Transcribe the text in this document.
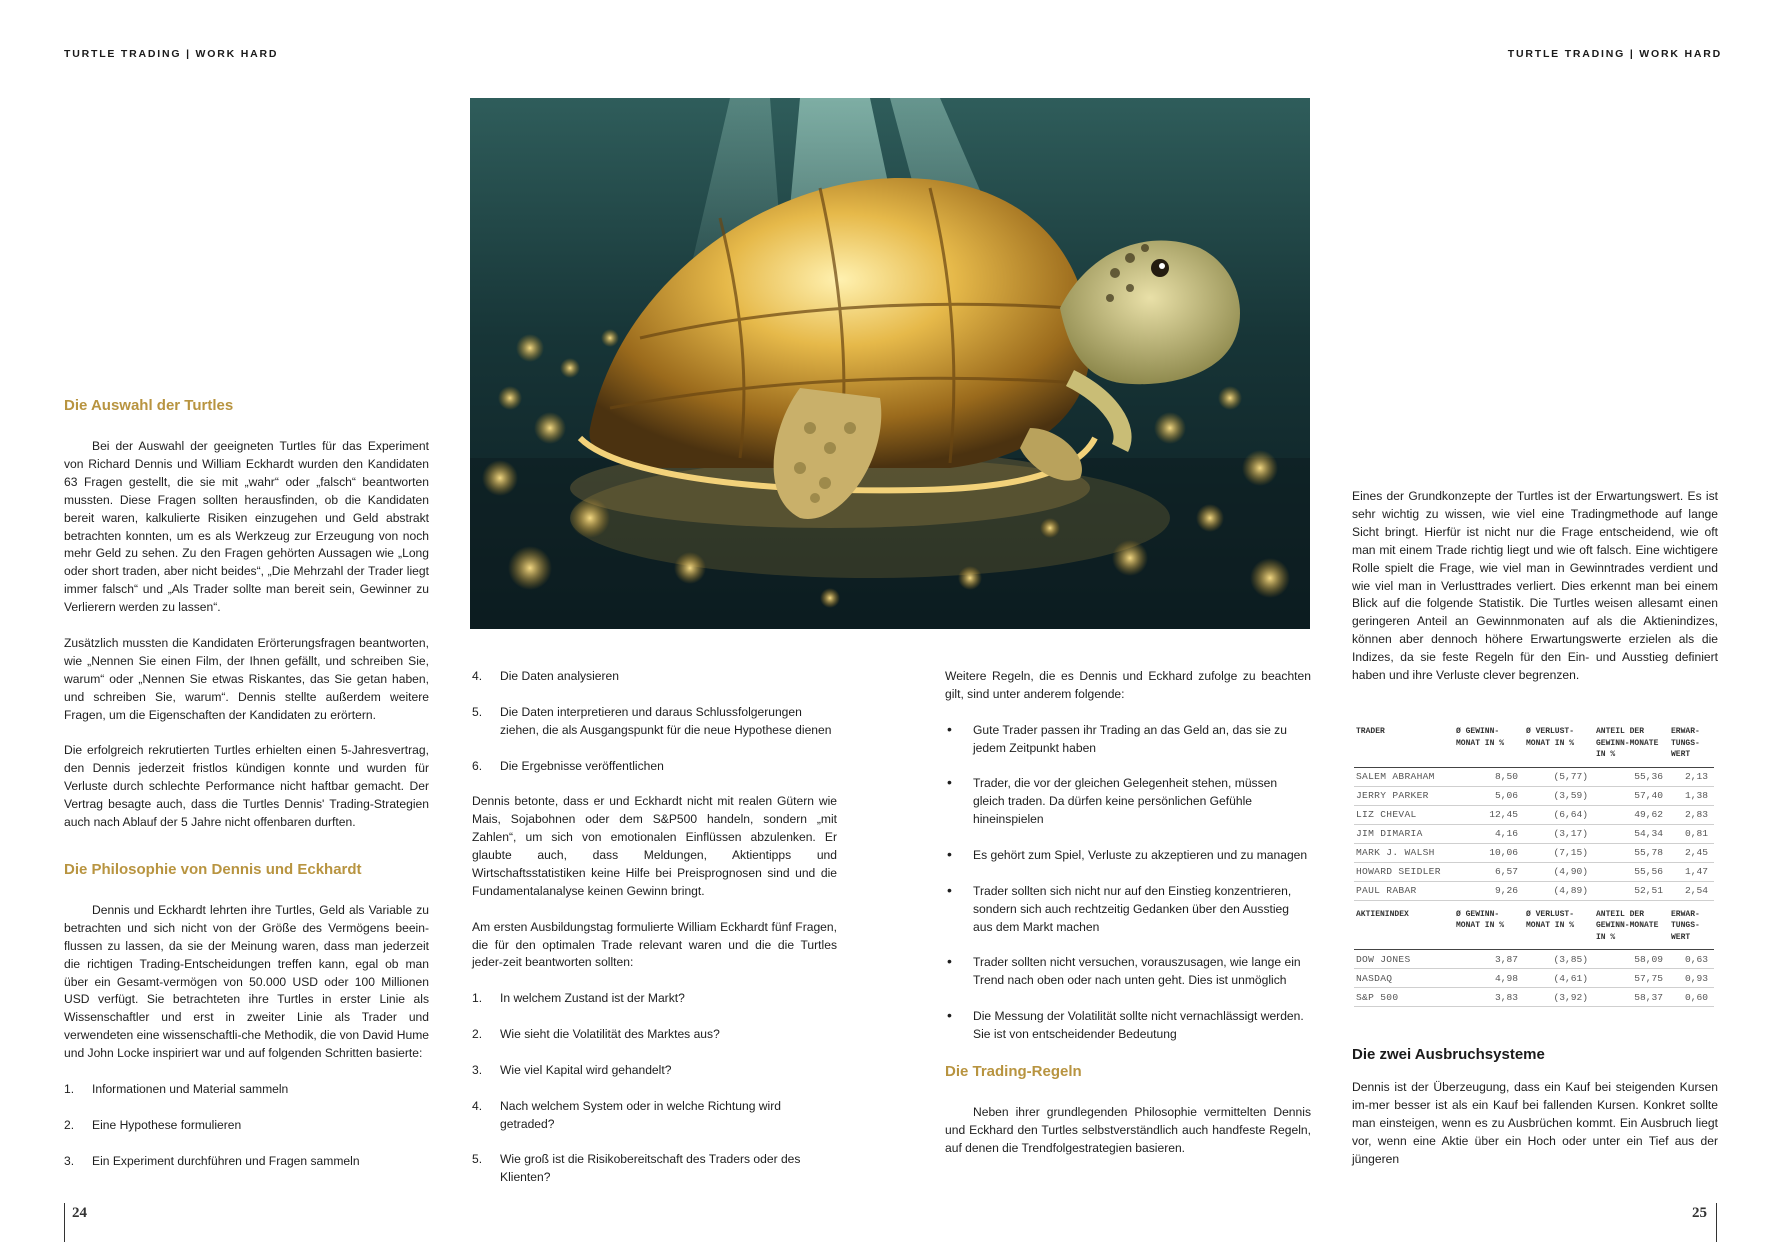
TURTLE TRADING | WORK HARD	TURTLE TRADING | WORK HARD
Die Auswahl der Turtles

Bei der Auswahl der geeigneten Turtles für das Experiment von Richard Dennis und William Eckhardt wurden den Kandidaten 63 Fragen gestellt, die sie mit „wahr“ oder „falsch“ beantworten mussten. Diese Fragen sollten herausfinden, ob die Kandidaten bereit waren, kalkulierte Risiken einzugehen und Geld abstrakt betrachten konnten, um es als Werkzeug zur Erzeugung von noch mehr Geld zu sehen. Zu den Fragen gehörten Aussagen wie „Long oder short traden, aber nicht beides“, „Die Mehrzahl der Trader liegt immer falsch“ und „Als Trader sollte man bereit sein, Gewinner zu Verlierern werden zu lassen“.

Zusätzlich mussten die Kandidaten Erörterungsfragen beantworten, wie „Nennen Sie einen Film, der Ihnen gefällt, und schreiben Sie, warum“ oder „Nennen Sie etwas Riskantes, das Sie getan haben, und schreiben Sie, warum“. Dennis stellte außerdem weitere Fragen, um die Eigenschaften der Kandidaten zu erörtern.

Die erfolgreich rekrutierten Turtles erhielten einen 5-Jahresvertrag, den Dennis jederzeit fristlos kündigen konnte und wurden für Verluste durch schlechte Performance nicht haftbar gemacht. Der Vertrag besagte auch, dass die Turtles Dennis' Trading-Strategien auch nach Ablauf der 5 Jahre nicht offenbaren durften.

Die Philosophie von Dennis und Eckhardt

Dennis und Eckhardt lehrten ihre Turtles, Geld als Variable zu betrachten und sich nicht von der Größe des Vermögens beein-flussen zu lassen, da sie der Meinung waren, dass man jederzeit die richtigen Trading-Entscheidungen treffen kann, egal ob man über ein Gesamt-vermögen von 50.000 USD oder 100 Millionen USD verfügt. Sie betrachteten ihre Turtles in erster Linie als Wissenschaftler und erst in zweiter Linie als Trader und verwendeten eine wissenschaftli-che Methodik, die von David Hume und John Locke inspiriert war und auf folgenden Schritten basierte:

1. Informationen und Material sammeln
2. Eine Hypothese formulieren
3. Ein Experiment durchführen und Fragen sammeln
4. Die Daten analysieren
5. Die Daten interpretieren und daraus Schlussfolgerungen ziehen, die als Ausgangspunkt für die neue Hypothese dienen
6. Die Ergebnisse veröffentlichen

Dennis betonte, dass er und Eckhardt nicht mit realen Gütern wie Mais, Sojabohnen oder dem S&P500 handeln, sondern „mit Zahlen“, um sich von emotionalen Einflüssen abzulenken. Er glaubte auch, dass Meldungen, Aktientipps und Wirtschaftsstatistiken keine Hilfe bei Preisprognosen sind und die Fundamentalanalyse keinen Gewinn bringt.

Am ersten Ausbildungstag formulierte William Eckhardt fünf Fragen, die für den optimalen Trade relevant waren und die die Turtles jeder-zeit beantworten sollten:

1. In welchem Zustand ist der Markt?
2. Wie sieht die Volatilität des Marktes aus?
3. Wie viel Kapital wird gehandelt?
4. Nach welchem System oder in welche Richtung wird getraded?
5. Wie groß ist die Risikobereitschaft des Traders oder des Klienten?

Weitere Regeln, die es Dennis und Eckhard zufolge zu beachten gilt, sind unter anderem folgende:

• Gute Trader passen ihr Trading an das Geld an, das sie zu jedem Zeitpunkt haben
• Trader, die vor der gleichen Gelegenheit stehen, müssen gleich traden. Da dürfen keine persönlichen Gefühle hineinspielen
• Es gehört zum Spiel, Verluste zu akzeptieren und zu managen
• Trader sollten sich nicht nur auf den Einstieg konzentrieren, sondern sich auch rechtzeitig Gedanken über den Ausstieg aus dem Markt machen
• Trader sollten nicht versuchen, vorauszusagen, wie lange ein Trend nach oben oder nach unten geht. Dies ist unmöglich
• Die Messung der Volatilität sollte nicht vernachlässigt werden. Sie ist von entscheidender Bedeutung
Die Trading-Regeln

Neben ihrer grundlegenden Philosophie vermittelten Dennis und Eckhard den Turtles selbstverständlich auch handfeste Regeln, auf denen die Trendfolgestrategien basieren.

Eines der Grundkonzepte der Turtles ist der Erwartungswert. Es ist sehr wichtig zu wissen, wie viel eine Tradingmethode auf lange Sicht bringt. Hierfür ist nicht nur die Frage entscheidend, wie oft man mit einem Trade richtig liegt und wie oft falsch. Eine wichtigere Rolle spielt die Frage, wie viel man in Gewinntrades verdient und wie viel man in Verlusttrades verliert. Dies erkennt man bei einem Blick auf die folgende Statistik. Die Turtles weisen allesamt einen geringeren Anteil an Gewinnmonaten auf als die Aktienindizes, können aber dennoch höhere Erwartungswerte erzielen als die Indizes, da sie feste Regeln für den Ein- und Ausstieg definiert haben und ihre Verluste clever begrenzen.

TRADER	Ø GEWINN-MONAT IN %	Ø VERLUST-MONAT IN %	ANTEIL DER GEWINN-MONATE IN %	ERWAR-TUNGS-WERT
SALEM ABRAHAM	8,50	(5,77)	55,36	2,13
JERRY PARKER	5,06	(3,59)	57,40	1,38
LIZ CHEVAL	12,45	(6,64)	49,62	2,83
JIM DIMARIA	4,16	(3,17)	54,34	0,81
MARK J. WALSH	10,06	(7,15)	55,78	2,45
HOWARD SEIDLER	6,57	(4,90)	55,56	1,47
PAUL RABAR	9,26	(4,89)	52,51	2,54
AKTIENINDEX	Ø GEWINN-MONAT IN %	Ø VERLUST-MONAT IN %	ANTEIL DER GEWINN-MONATE IN %	ERWAR-TUNGS-WERT
DOW JONES	3,87	(3,85)	58,09	0,63
NASDAQ	4,98	(4,61)	57,75	0,93
S&P 500	3,83	(3,92)	58,37	0,60
Die zwei Ausbruchsysteme

Dennis ist der Überzeugung, dass ein Kauf bei steigenden Kursen im-mer besser ist als ein Kauf bei fallenden Kursen. Konkret sollte man einsteigen, wenn es zu Ausbrüchen kommt. Ein Ausbruch liegt vor, wenn eine Aktie über ein Hoch oder unter ein Tief aus der jüngeren

24	25
